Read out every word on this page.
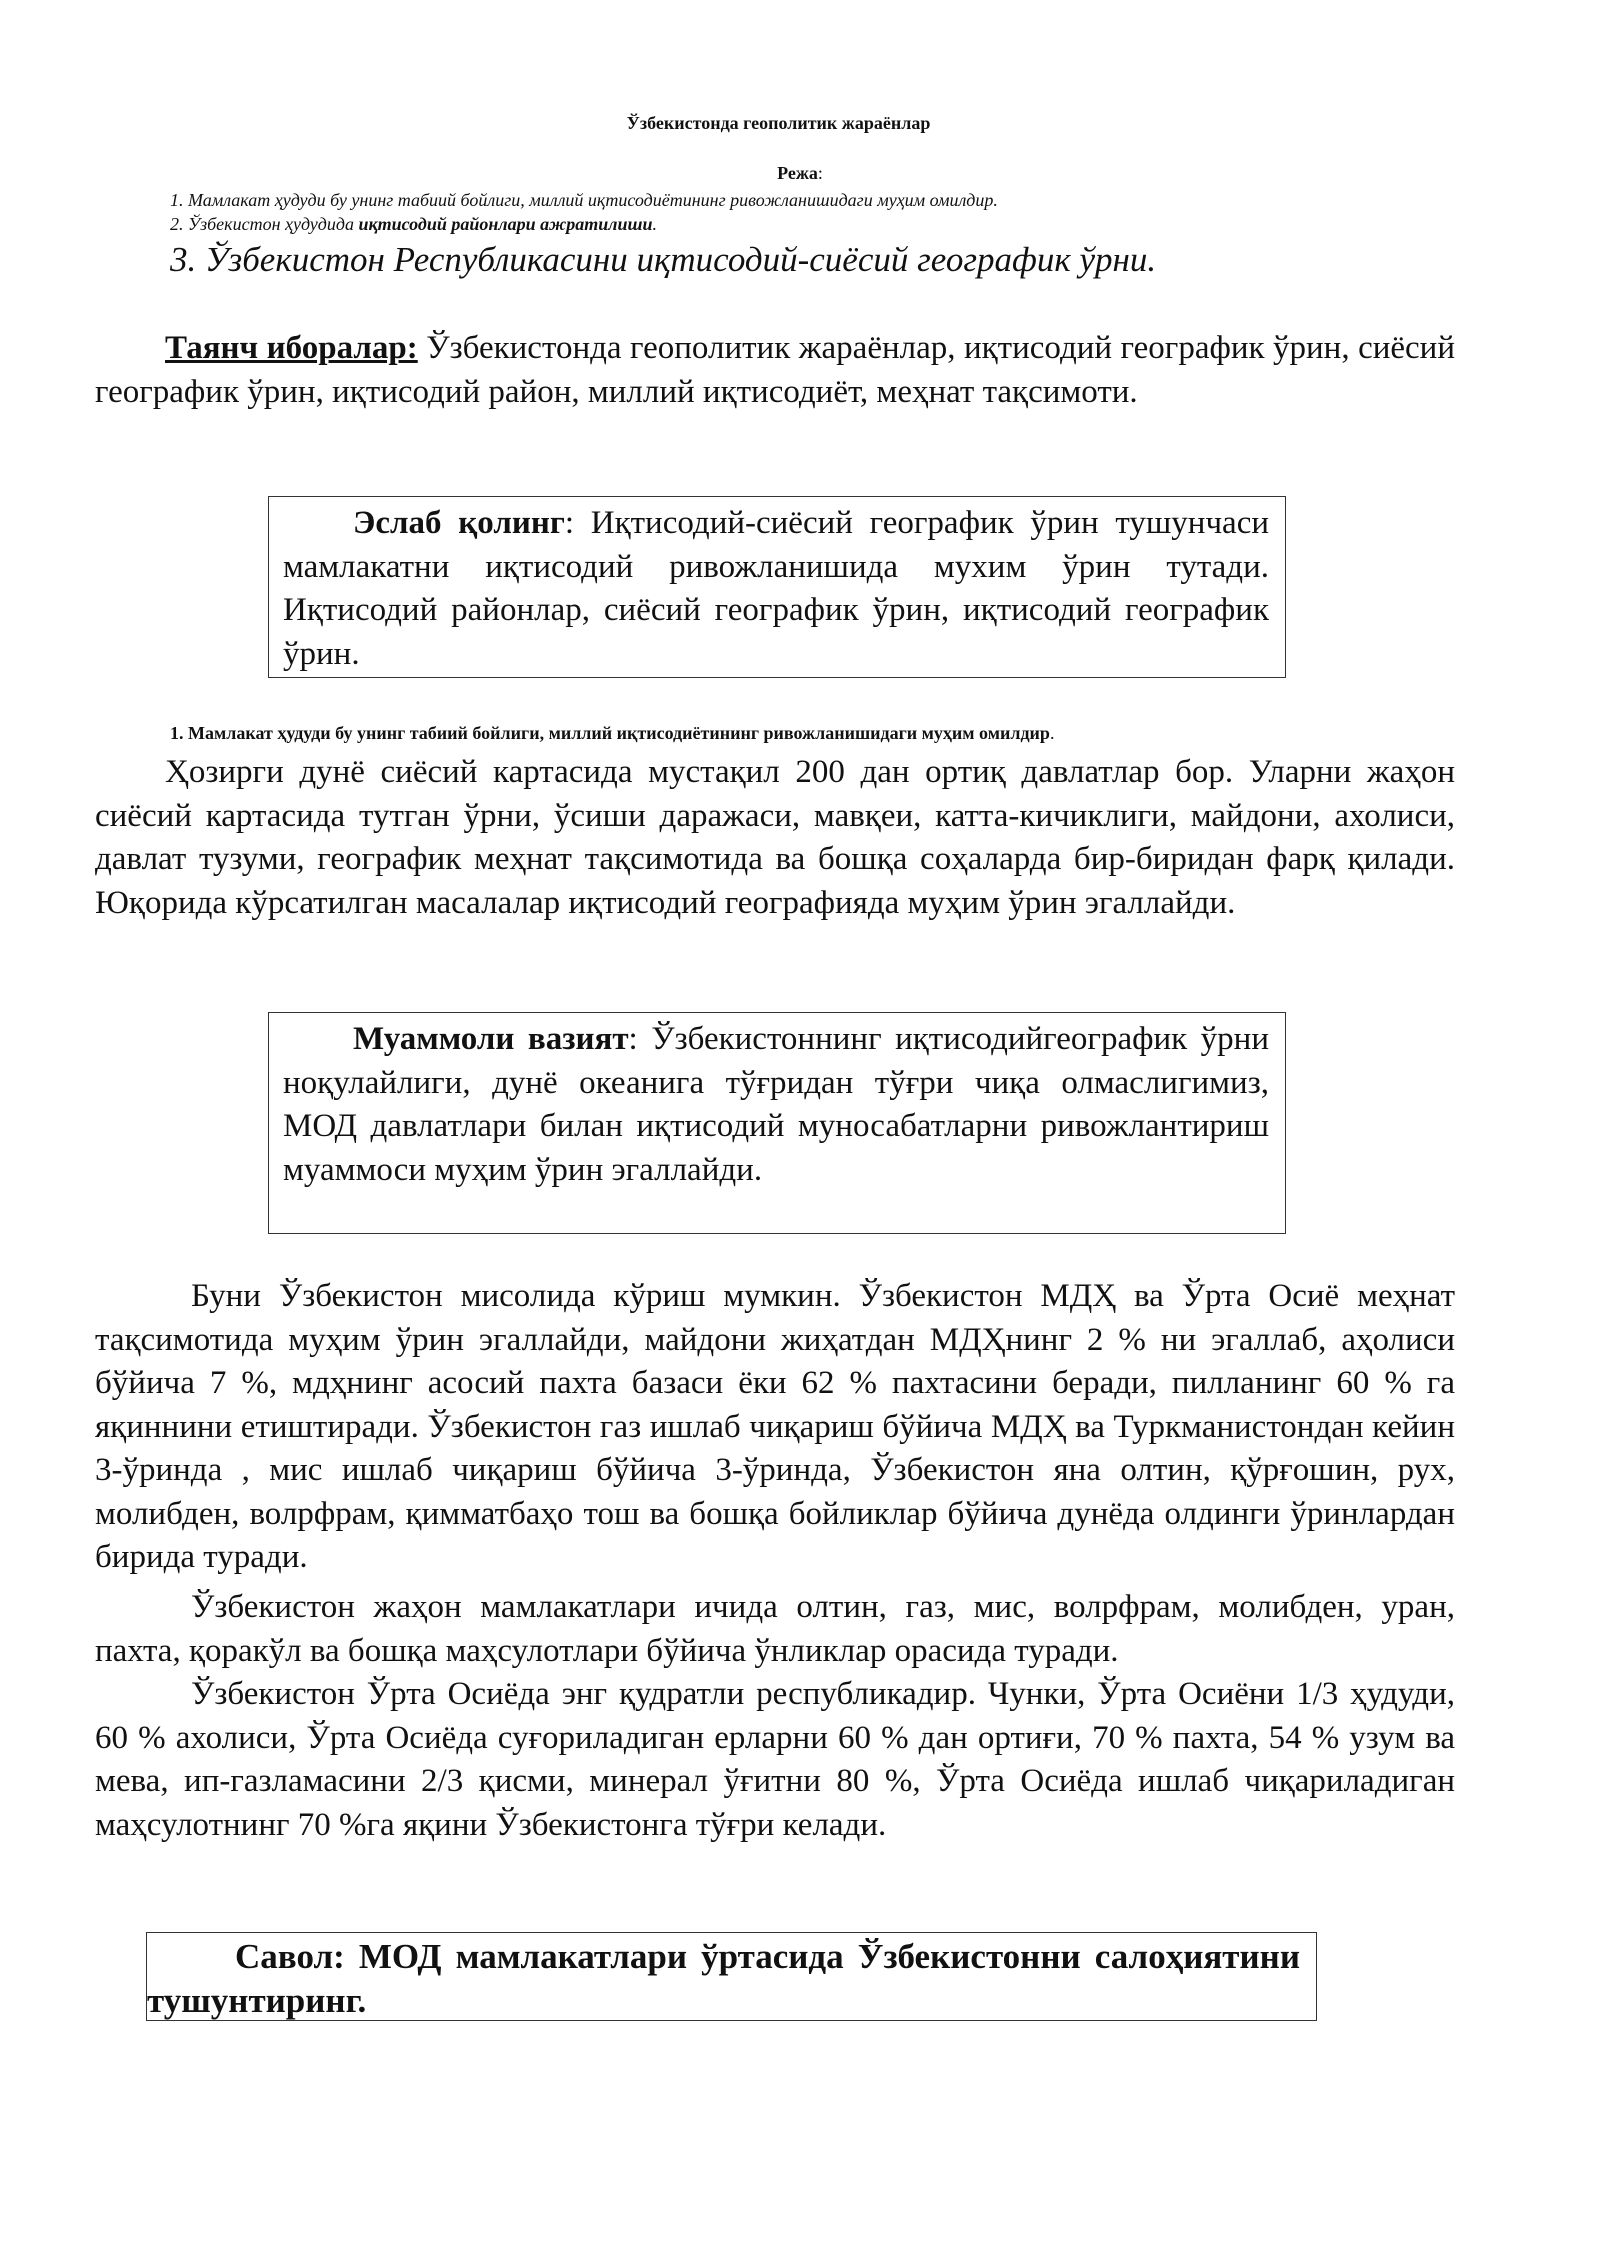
Ўзбекистонда геополитик жараёнлар
Режа:
1. Мамлакат ҳудуди бу унинг табиий бойлиги, миллий иқтисодиётининг ривожланишидаги муҳим омилдир.
2. Ўзбекистон ҳудудида иқтисодий районлари ажратилиши.
3. Ўзбекистон Республикасини иқтисодий-сиёсий географик ўрни.
Таянч иборалар: Ўзбекистонда геополитик жараёнлар, иқтисодий географик ўрин, сиёсий географик ўрин, иқтисодий район, миллий иқтисодиёт, меҳнат тақсимоти.

Эслаб қолинг: Иқтисодий-сиёсий географик ўрин тушунчаси мамлакатни иқтисодий ривожланишида мухим ўрин тутади. Иқтисодий районлар, сиёсий географик ўрин, иқтисодий географик ўрин.

1. Мамлакат ҳудуди бу унинг табиий бойлиги, миллий иқтисодиётининг ривожланишидаги муҳим омилдир.
Ҳозирги дунё сиёсий картасида мустақил 200 дан ортиқ давлатлар бор. Уларни жаҳон сиёсий картасида тутган ўрни, ўсиши даражаси, мавқеи, катта-кичиклиги, майдони, ахолиси, давлат тузуми, географик меҳнат тақсимотида ва бошқа соҳаларда бир-биридан фарқ қилади. Юқорида кўрсатилган масалалар иқтисодий географияда муҳим ўрин эгаллайди.

Муаммоли вазият: Ўзбекистоннинг иқтисодийгеографик ўрни ноқулайлиги, дунё океанига тўғридан тўғри чиқа олмаслигимиз, МОД давлатлари билан иқтисодий муносабатларни ривожлантириш муаммоси муҳим ўрин эгаллайди.

Буни Ўзбекистон мисолида кўриш мумкин. Ўзбекистон МДҲ ва Ўрта Осиё меҳнат тақсимотида муҳим ўрин эгаллайди, майдони жиҳатдан МДҲнинг 2 % ни эгаллаб, аҳолиси бўйича 7 %, мдҳнинг асосий пахта базаси ёки 62 % пахтасини беради, пилланинг 60 % га яқиннини етиштиради. Ўзбекистон газ ишлаб чиқариш бўйича МДҲ ва Туркманистондан кейин 3-ўринда , мис ишлаб чиқариш бўйича 3-ўринда, Ўзбекистон яна олтин, қўрғошин, рух, молибден, волрфрам, қимматбаҳо тош ва бошқа бойликлар бўйича дунёда олдинги ўринлардан бирида туради.
Ўзбекистон жаҳон мамлакатлари ичида олтин, газ, мис, волрфрам, молибден, уран, пахта, қоракўл ва бошқа маҳсулотлари бўйича ўнликлар орасида туради.
Ўзбекистон Ўрта Осиёда энг қудратли республикадир. Чунки, Ўрта Осиёни 1/3 ҳудуди, 60 % ахолиси, Ўрта Осиёда суғориладиган ерларни 60 % дан ортиғи, 70 % пахта, 54 % узум ва мева, ип-газламасини 2/3 қисми, минерал ўғитни 80 %, Ўрта Осиёда ишлаб чиқариладиган маҳсулотнинг 70 %га яқини Ўзбекистонга тўғри келади.

Савол: МОД мамлакатлари ўртасида Ўзбекистонни салоҳиятини тушунтиринг.
